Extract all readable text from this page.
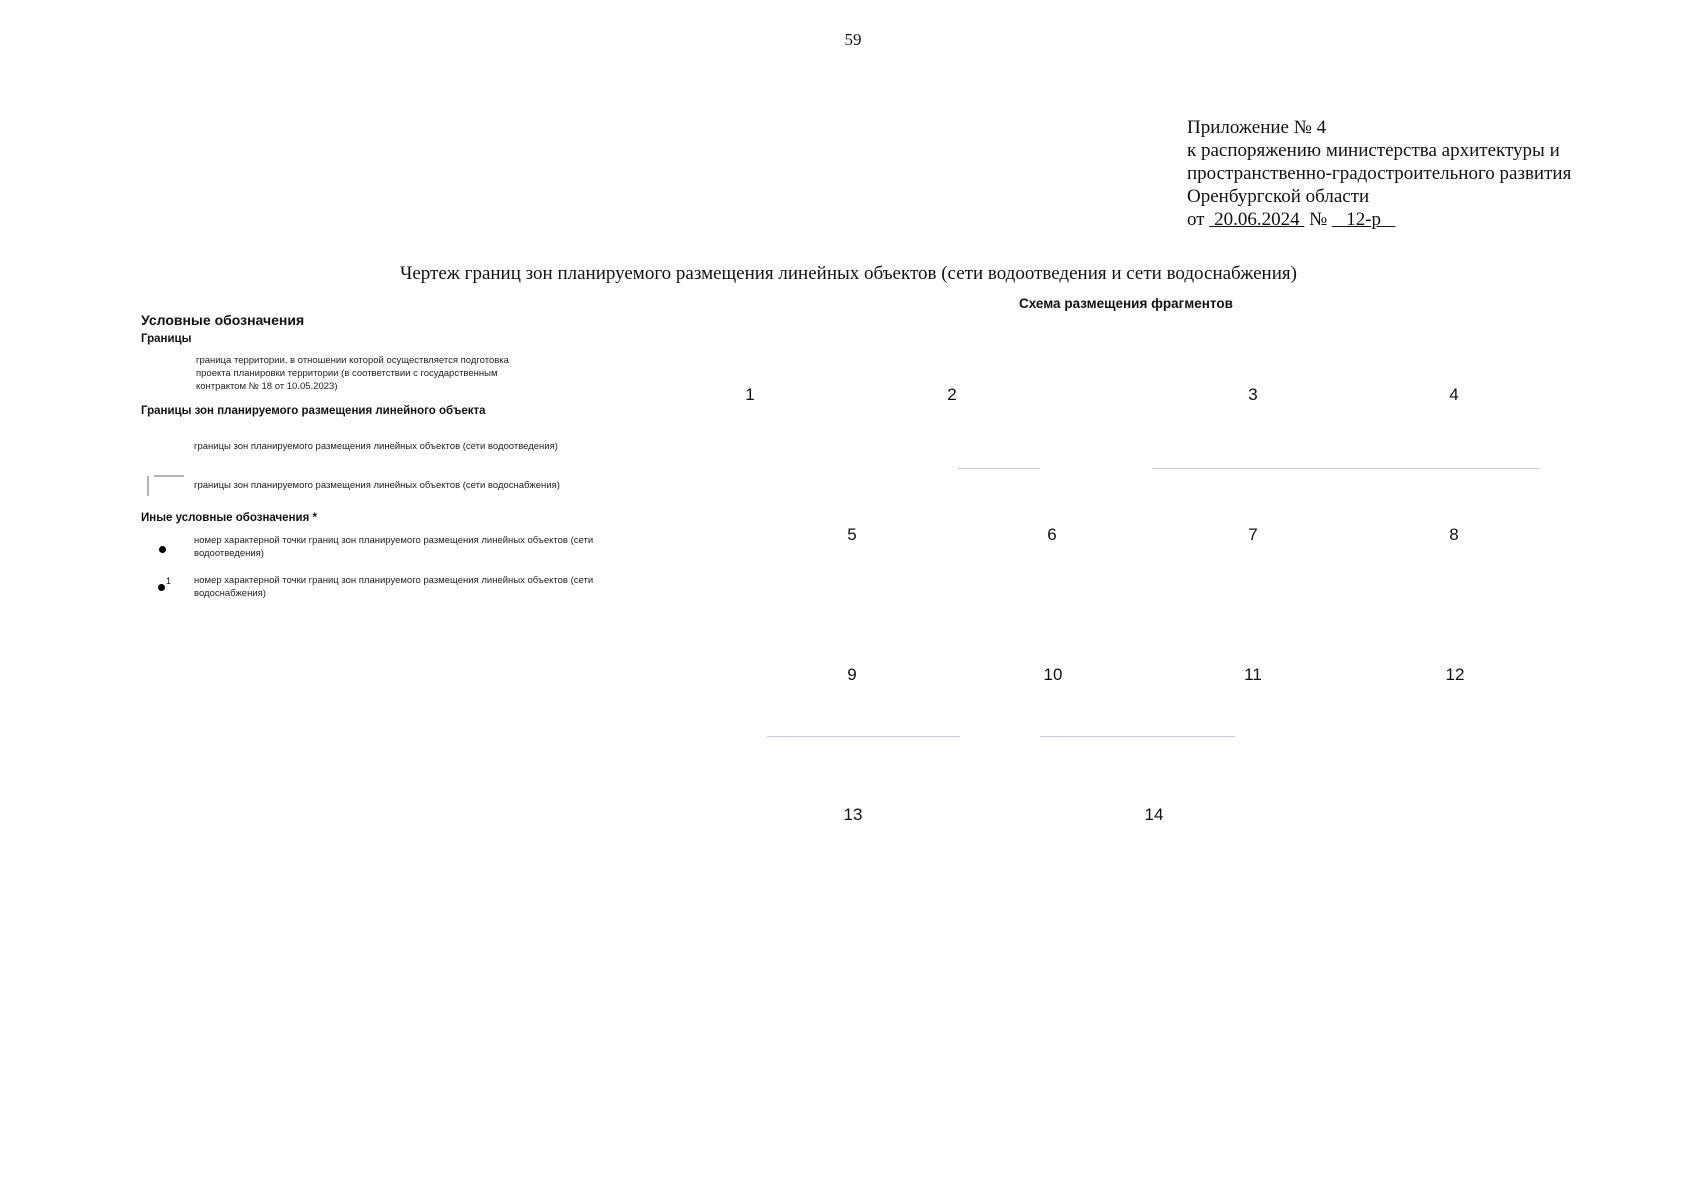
59
Приложение № 4
к распоряжению министерства архитектуры и
пространственно-градостроительного развития
Оренбургской области
от 20.06.2024 № 12-р
Чертеж границ зон планируемого размещения линейных объектов (сети водоотведения и сети водоснабжения)
Условные обозначения
Границы
граница территории, в отношении которой осуществляется подготовка проекта планировки территории (в соответствии с государственным контрактом № 18 от 10.05.2023)
Границы зон планируемого размещения линейного объекта
границы зон планируемого размещения линейных объектов (сети водоотведения)
границы зон планируемого размещения линейных объектов (сети водоснабжения)
Иные условные обозначения *
номер характерной точки границ зон планируемого размещения линейных объектов (сети водоотведения)
1 номер характерной точки границ зон планируемого размещения линейных объектов (сети водоснабжения)
Схема размещения фрагментов
1	2	3	4
5	6	7	8
9	10	11	12
13	14
